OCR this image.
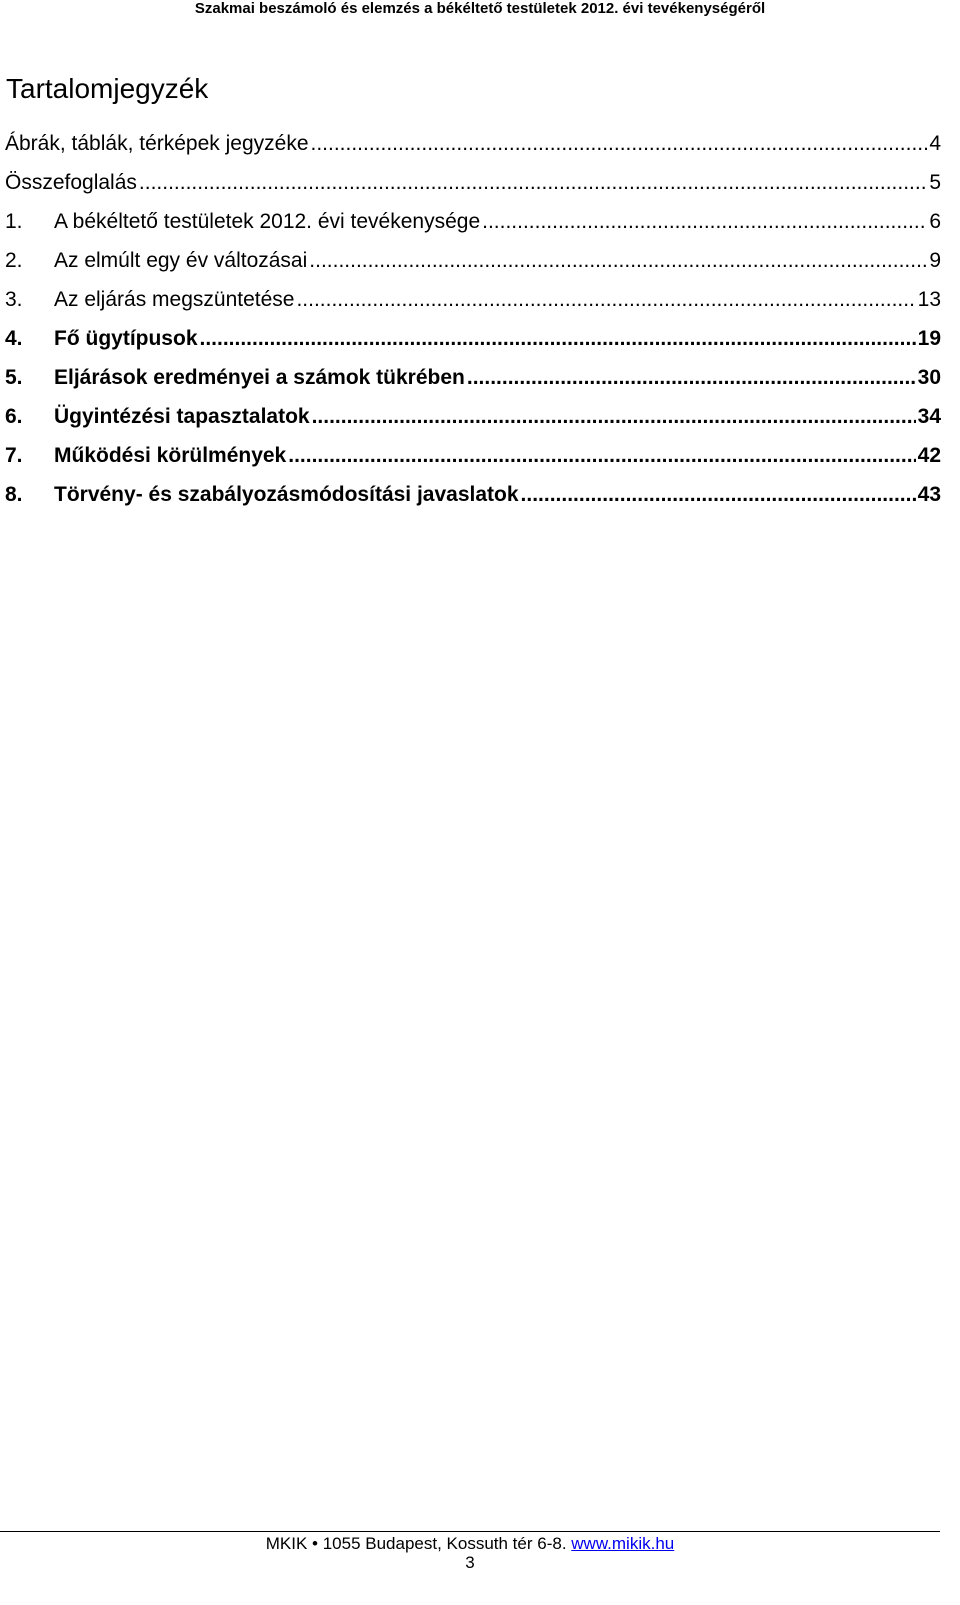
Szakmai beszámoló és elemzés a békéltető testületek 2012. évi tevékenységéről
Tartalomjegyzék
Ábrák, táblák, térképek jegyzéke .....	4
Összefoglalás .....	5
1.	A békéltető testületek 2012. évi tevékenysége .....	6
2.	Az elmúlt egy év változásai .....	9
3.	Az eljárás megszüntetése .....	13
4.	Fő ügytípusok .....	19
5.	Eljárások eredményei a számok tükrében .....	30
6.	Ügyintézési tapasztalatok .....	34
7.	Működési körülmények .....	42
8.	Törvény- és szabályozásmódosítási javaslatok .....	43
MKIK • 1055 Budapest, Kossuth tér 6-8. www.mikik.hu
3
